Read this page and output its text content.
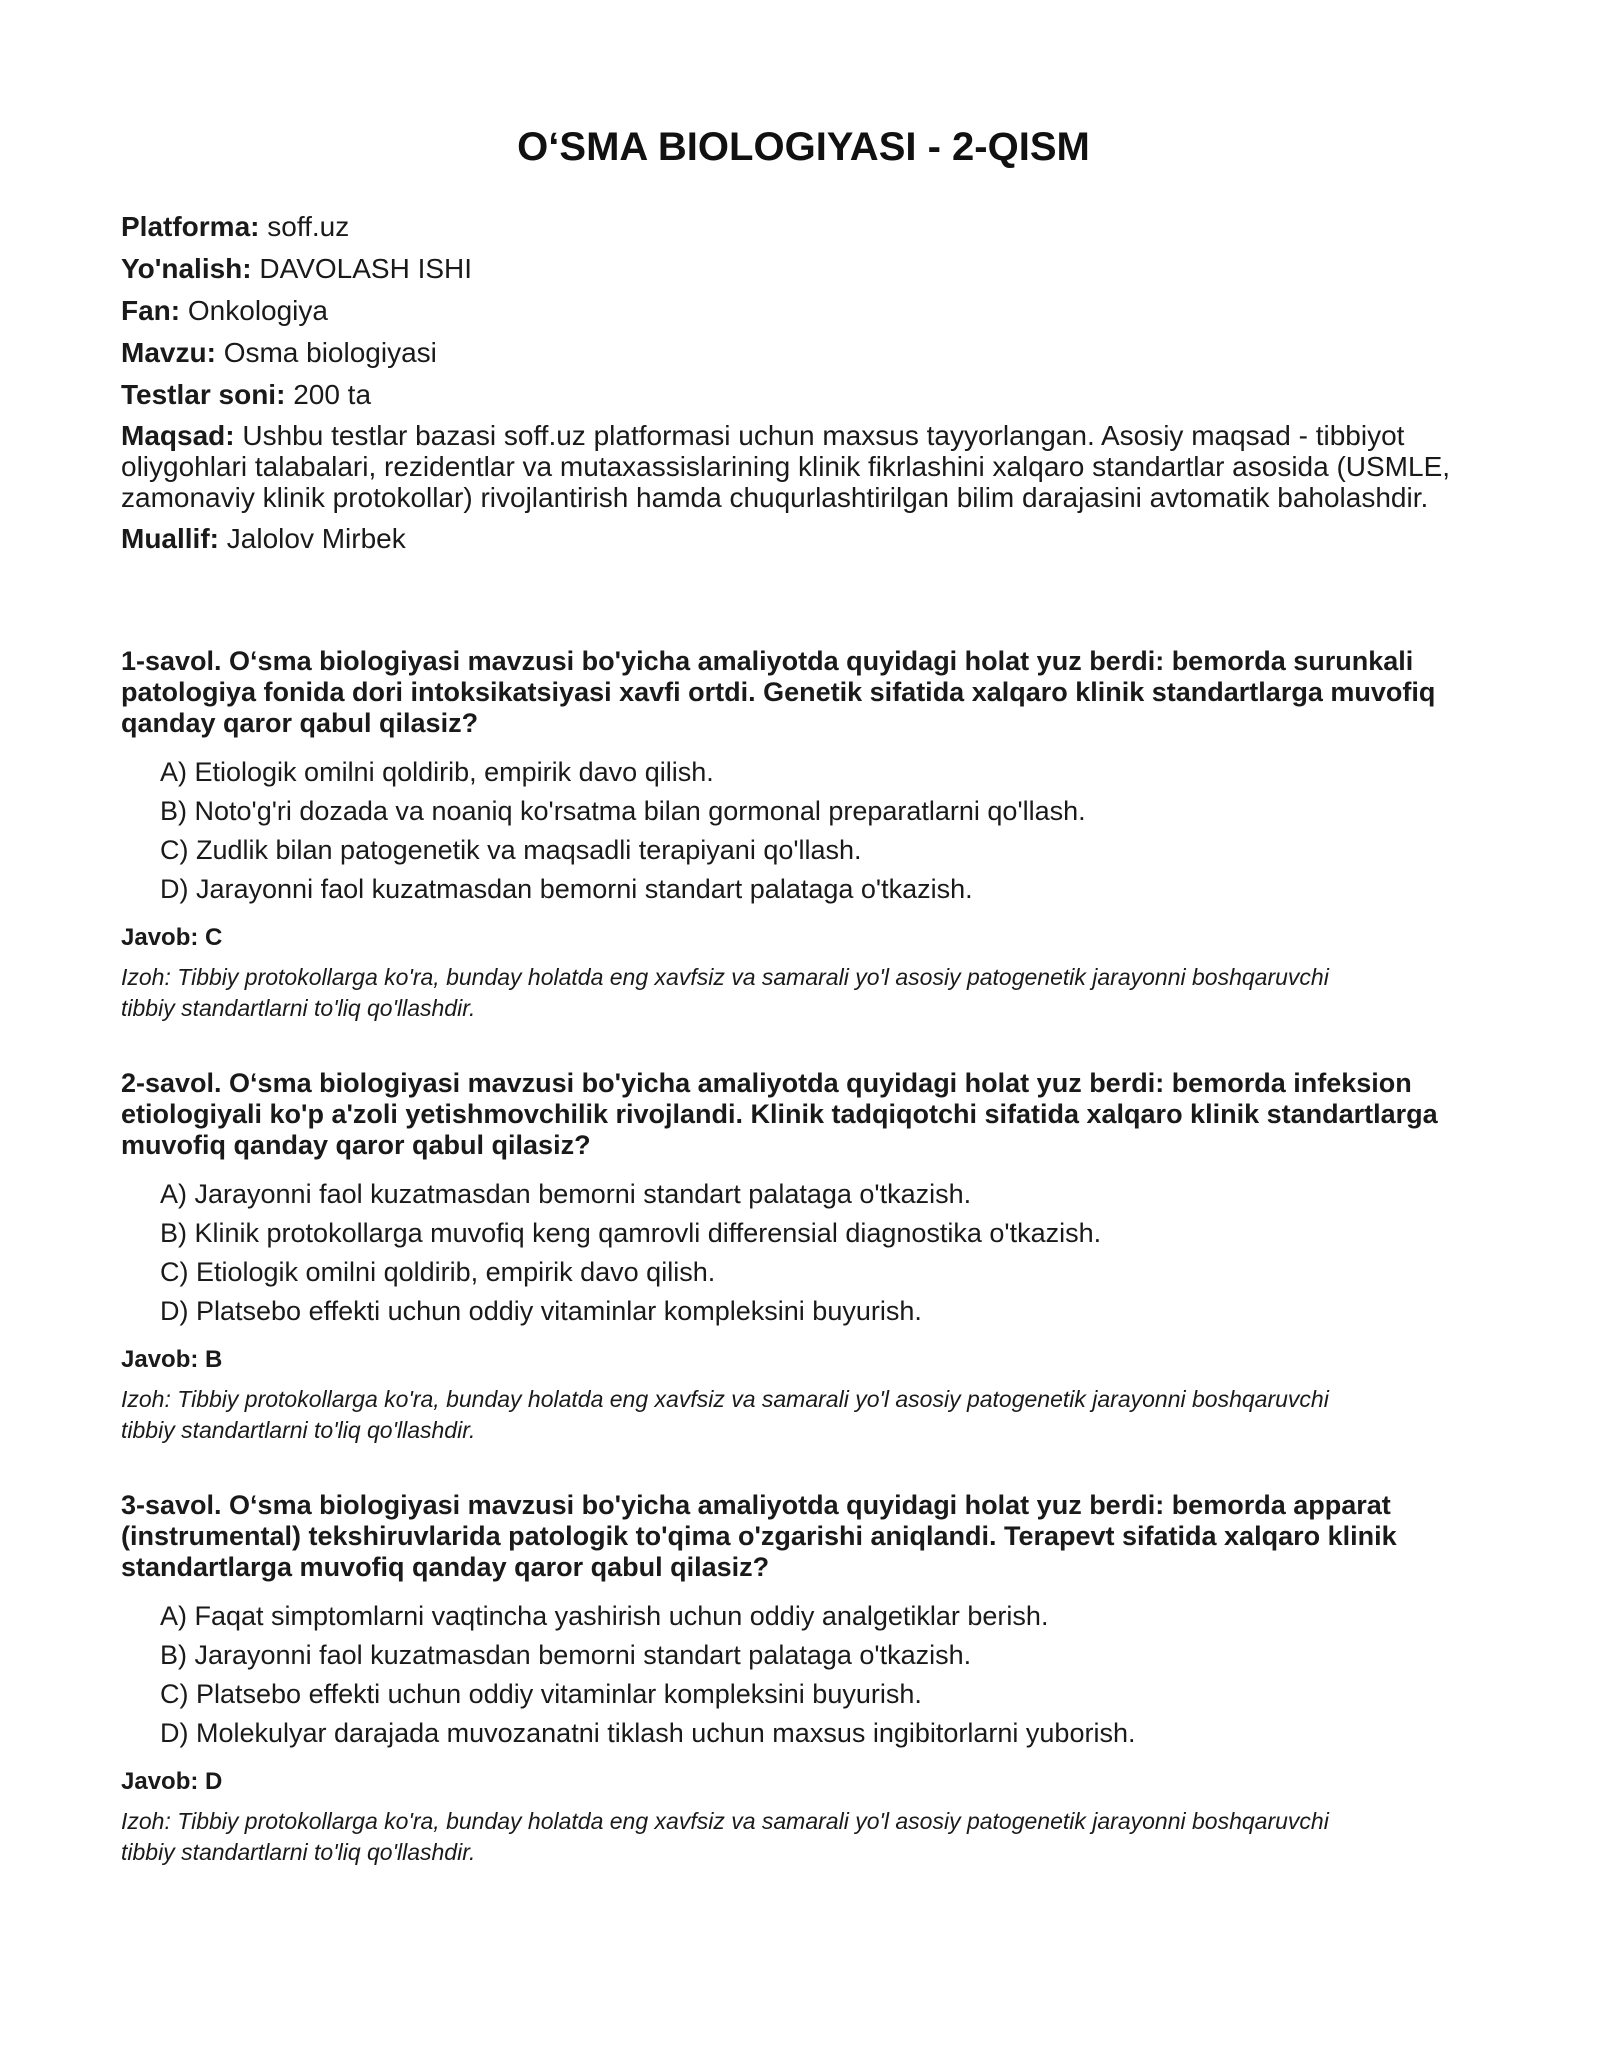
O‘SMA BIOLOGIYASI - 2-QISM

Platforma: soff.uz

Yo'nalish: DAVOLASH ISHI

Fan: Onkologiya

Mavzu: Osma biologiyasi

Testlar soni: 200 ta

Maqsad: Ushbu testlar bazasi soff.uz platformasi uchun maxsus tayyorlangan. Asosiy maqsad - tibbiyot oliygohlari talabalari, rezidentlar va mutaxassislarining klinik fikrlashini xalqaro standartlar asosida (USMLE, zamonaviy klinik protokollar) rivojlantirish hamda chuqurlashtirilgan bilim darajasini avtomatik baholashdir.

Muallif: Jalolov Mirbek

1-savol. O‘sma biologiyasi mavzusi bo'yicha amaliyotda quyidagi holat yuz berdi: bemorda surunkali patologiya fonida dori intoksikatsiyasi xavfi ortdi. Genetik sifatida xalqaro klinik standartlarga muvofiq qanday qaror qabul qilasiz?

A) Etiologik omilni qoldirib, empirik davo qilish.
B) Noto'g'ri dozada va noaniq ko'rsatma bilan gormonal preparatlarni qo'llash.
C) Zudlik bilan patogenetik va maqsadli terapiyani qo'llash.
D) Jarayonni faol kuzatmasdan bemorni standart palataga o'tkazish.

Javob: C

Izoh: Tibbiy protokollarga ko'ra, bunday holatda eng xavfsiz va samarali yo'l asosiy patogenetik jarayonni boshqaruvchi tibbiy standartlarni to'liq qo'llashdir.

2-savol. O‘sma biologiyasi mavzusi bo'yicha amaliyotda quyidagi holat yuz berdi: bemorda infeksion etiologiyali ko'p a'zoli yetishmovchilik rivojlandi. Klinik tadqiqotchi sifatida xalqaro klinik standartlarga muvofiq qanday qaror qabul qilasiz?

A) Jarayonni faol kuzatmasdan bemorni standart palataga o'tkazish.
B) Klinik protokollarga muvofiq keng qamrovli differensial diagnostika o'tkazish.
C) Etiologik omilni qoldirib, empirik davo qilish.
D) Platsebo effekti uchun oddiy vitaminlar kompleksini buyurish.

Javob: B

Izoh: Tibbiy protokollarga ko'ra, bunday holatda eng xavfsiz va samarali yo'l asosiy patogenetik jarayonni boshqaruvchi tibbiy standartlarni to'liq qo'llashdir.

3-savol. O‘sma biologiyasi mavzusi bo'yicha amaliyotda quyidagi holat yuz berdi: bemorda apparat (instrumental) tekshiruvlarida patologik to'qima o'zgarishi aniqlandi. Terapevt sifatida xalqaro klinik standartlarga muvofiq qanday qaror qabul qilasiz?

A) Faqat simptomlarni vaqtincha yashirish uchun oddiy analgetiklar berish.
B) Jarayonni faol kuzatmasdan bemorni standart palataga o'tkazish.
C) Platsebo effekti uchun oddiy vitaminlar kompleksini buyurish.
D) Molekulyar darajada muvozanatni tiklash uchun maxsus ingibitorlarni yuborish.

Javob: D

Izoh: Tibbiy protokollarga ko'ra, bunday holatda eng xavfsiz va samarali yo'l asosiy patogenetik jarayonni boshqaruvchi tibbiy standartlarni to'liq qo'llashdir.
